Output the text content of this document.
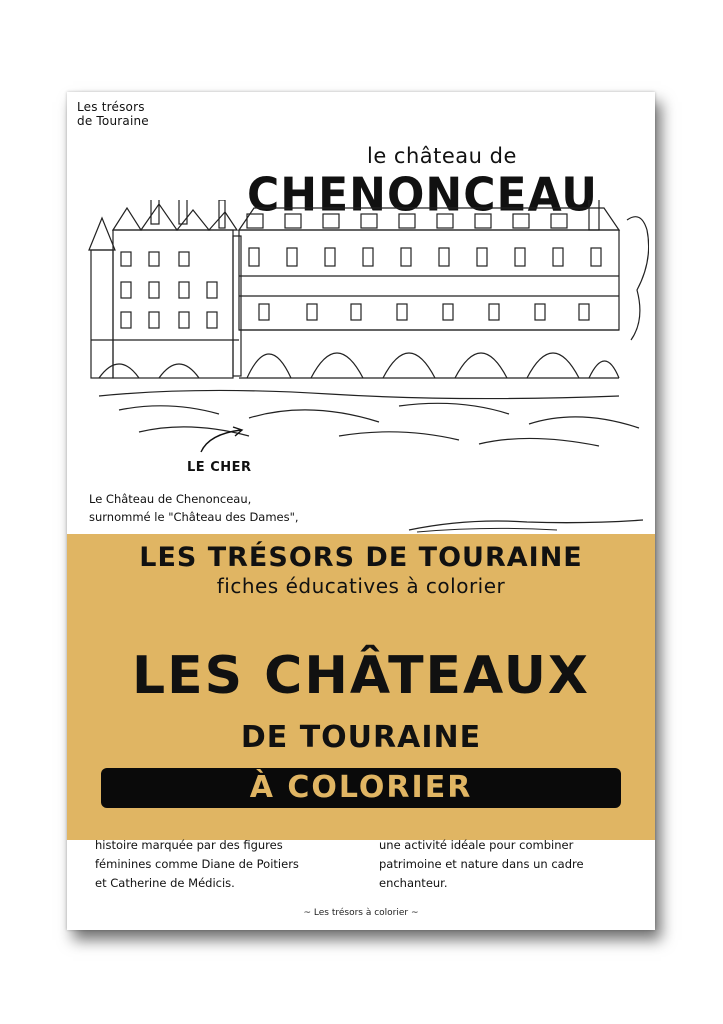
Les trésors
de Touraine
le château de
CHENONCEAU
LE CHER
Le Château de Chenonceau,
surnommé le "Château des Dames",
LES TRÉSORS DE TOURAINE
fiches éducatives à colorier
LES CHÂTEAUX
DE TOURAINE
À COLORIER
histoire marquée par des figures
féminines comme Diane de Poitiers
et Catherine de Médicis.
une activité idéale pour combiner
patrimoine et nature dans un cadre
enchanteur.
~ Les trésors à colorier ~
